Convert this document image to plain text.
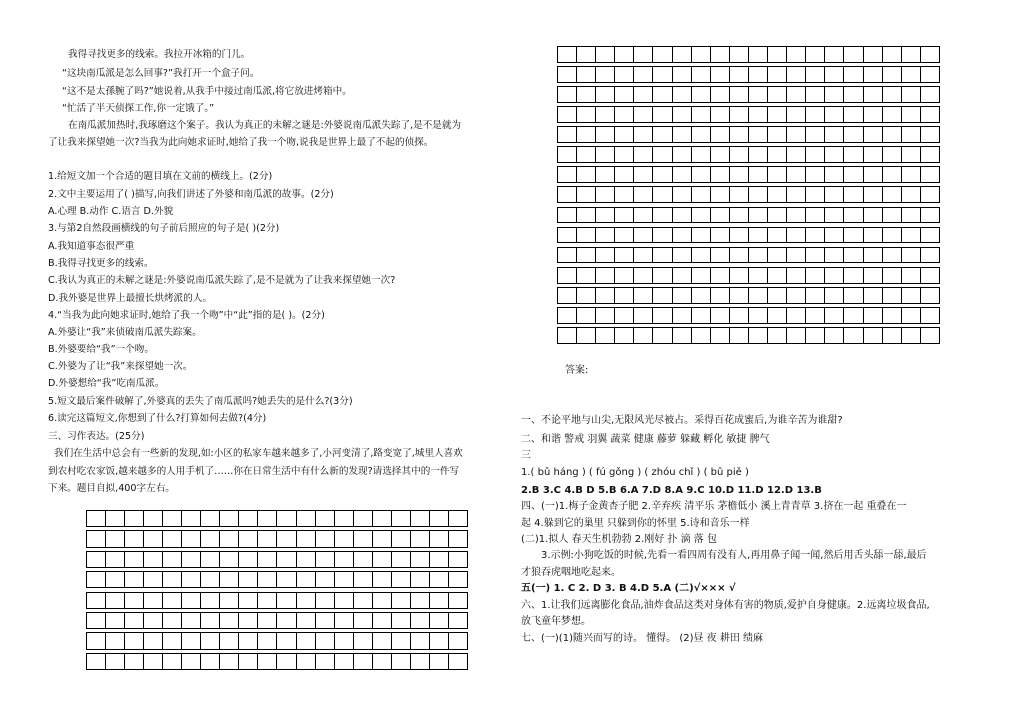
我得寻找更多的线索。我拉开冰箱的门儿。
“这块南瓜派是怎么回事?”我打开一个盒子问。
“这不是太孫腕了吗?”她说着,从我手中接过南瓜派,将它放进烤箱中。
“忙活了半天侦探工作,你一定饿了。”
在南瓜派加热时,我琢磨这个案子。我认为真正的未解之谜是:外婆说南瓜派失踪了,是不是就为
了让我来探望她一次?当我为此向她求证时,她给了我一个吻,说我是世界上最了不起的侦探。
1.给短文加一个合适的题目填在文前的横线上。(2分)
2.文中主要运用了( )描写,向我们讲述了外婆和南瓜派的故事。(2分)
A.心理 B.动作 C.语言 D.外貌
3.与第2自然段画横线的句子前后照应的句子是( )(2分)
A.我知道事态很严重
B.我得寻找更多的线索。
C.我认为真正的未解之谜是:外婆说南瓜派失踪了,是不是就为了让我来探望她一次?
D.我外婆是世界上最擅长烘烤派的人。
4.“当我为此向她求证时,她给了我一个吻”中“此”指的是( )。(2分)
A.外婆让“我”来侦破南瓜派失踪案。
B.外婆要给“我”一个吻。
C.外婆为了让“我”来探望她一次。
D.外婆想给“我”吃南瓜派。
5.短文最后案件破解了,外婆真的丢失了南瓜派吗?她丢失的是什么?(3分)
6.读完这篇短文,你想到了什么?打算如何去做?(4分)
三、习作表达。(25分)
我们在生活中总会有一些新的发现,如:小区的私家车越来越多了,小河变清了,路变宽了,城里人喜欢
到农村吃农家饭,越来越多的人用手机了……你在日常生活中有什么新的发现?请选择其中的一件写
下来。题目自拟,400字左右。

答案:
一、不论平地与山尖,无限风光尽被占。采得百花成蜜后,为谁辛苦为谁甜?
二、和谐 警戒 羽翼 蔬菜 健康 藤萝 躲藏 孵化 敏捷 脾气
三
1.( bǔ háng ) ( fú gǒng ) ( zhóu chǐ ) ( bǔ piě )
2.B 3.C 4.B D 5.B 6.A 7.D 8.A 9.C 10.D 11.D 12.D 13.B
四、(一)1.梅子金黄杏子肥 2.辛弃疾 清平乐 茅檐低小 溪上青青草 3.挤在一起 重叠在一
起 4.躲到它的巢里 只躲到你的怀里 5.诗和音乐一样
(二)1.拟人 春天生机勃勃 2.刚好 扑 滴 落 包
3.示例:小狗吃饭的时候,先看一看四周有没有人,再用鼻子闻一闻,然后用舌头舔一舔,最后
才狼吞虎咽地吃起来。
五(一) 1. C 2. D 3. B 4.D 5.A (二)√××× √
六、1.让我们远离膨化食品,油炸食品这类对身体有害的物质,爱护自身健康。2.远离垃圾食品,
放飞童年梦想。
七、(一)(1)随兴而写的诗。 懂得。 (2)昼 夜 耕田 绩麻
